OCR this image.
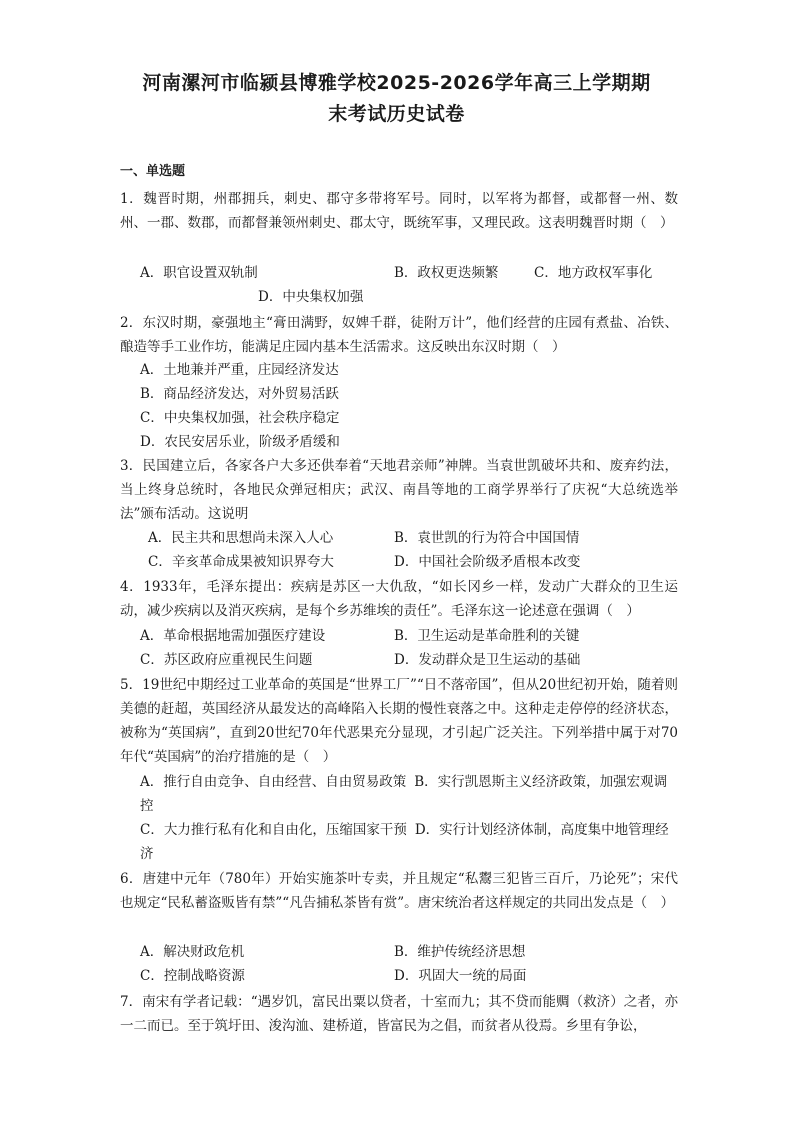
河南漯河市临颍县博雅学校2025-2026学年高三上学期期
末考试历史试卷
一、单选题
1．魏晋时期，州郡拥兵，刺史、郡守多带将军号。同时，以军将为都督，或都督一州、数州、一郡、数郡，而都督兼领州刺史、郡太守，既统军事，又理民政。这表明魏晋时期（　）
A．职官设置双轨制	B．政权更迭频繁	C．地方政权军事化
D．中央集权加强
2．东汉时期，豪强地主“膏田满野，奴婢千群，徒附万计”，他们经营的庄园有煮盐、冶铁、酿造等手工业作坊，能满足庄园内基本生活需求。这反映出东汉时期（　）
A．土地兼并严重，庄园经济发达
B．商品经济发达，对外贸易活跃
C．中央集权加强，社会秩序稳定
D．农民安居乐业，阶级矛盾缓和
3．民国建立后，各家各户大多还供奉着“天地君亲师”神牌。当袁世凯破坏共和、废弃约法，当上终身总统时，各地民众弹冠相庆；武汉、南昌等地的工商学界举行了庆祝“大总统选举法”颁布活动。这说明
A．民主共和思想尚未深入人心	B．袁世凯的行为符合中国国情
C．辛亥革命成果被知识界夸大	D．中国社会阶级矛盾根本改变
4．1933年，毛泽东提出：疾病是苏区一大仇敌，“如长冈乡一样，发动广大群众的卫生运动，减少疾病以及消灭疾病，是每个乡苏维埃的责任”。毛泽东这一论述意在强调（　）
A．革命根据地需加强医疗建设	B．卫生运动是革命胜利的关键
C．苏区政府应重视民生问题	D．发动群众是卫生运动的基础
5．19世纪中期经过工业革命的英国是“世界工厂”“日不落帝国”，但从20世纪初开始，随着则美德的赶超，英国经济从最发达的高峰陷入长期的慢性衰落之中。这种走走停停的经济状态，被称为“英国病”，直到20世纪70年代恶果充分显现，才引起广泛关注。下列举措中属于对70年代“英国病”的治疗措施的是（　）
A．推行自由竞争、自由经营、自由贸易政策 B．实行凯恩斯主义经济政策，加强宏观调控
C．大力推行私有化和自由化，压缩国家干预 D．实行计划经济体制，高度集中地管理经济
6．唐建中元年（780年）开始实施茶叶专卖，并且规定“私鬻三犯皆三百斤，乃论死”；宋代也规定“民私蓄盗贩皆有禁”“凡告捕私茶皆有赏”。唐宋统治者这样规定的共同出发点是（　）
A．解决财政危机	B．维护传统经济思想
C．控制战略资源	D．巩固大一统的局面
7．南宋有学者记载：“遇岁饥，富民出粟以贷者，十室而九；其不贷而能赒（救济）之者，亦一二而已。至于筑圩田、浚沟洫、建桥道，皆富民为之倡，而贫者从役焉。乡里有争讼，
